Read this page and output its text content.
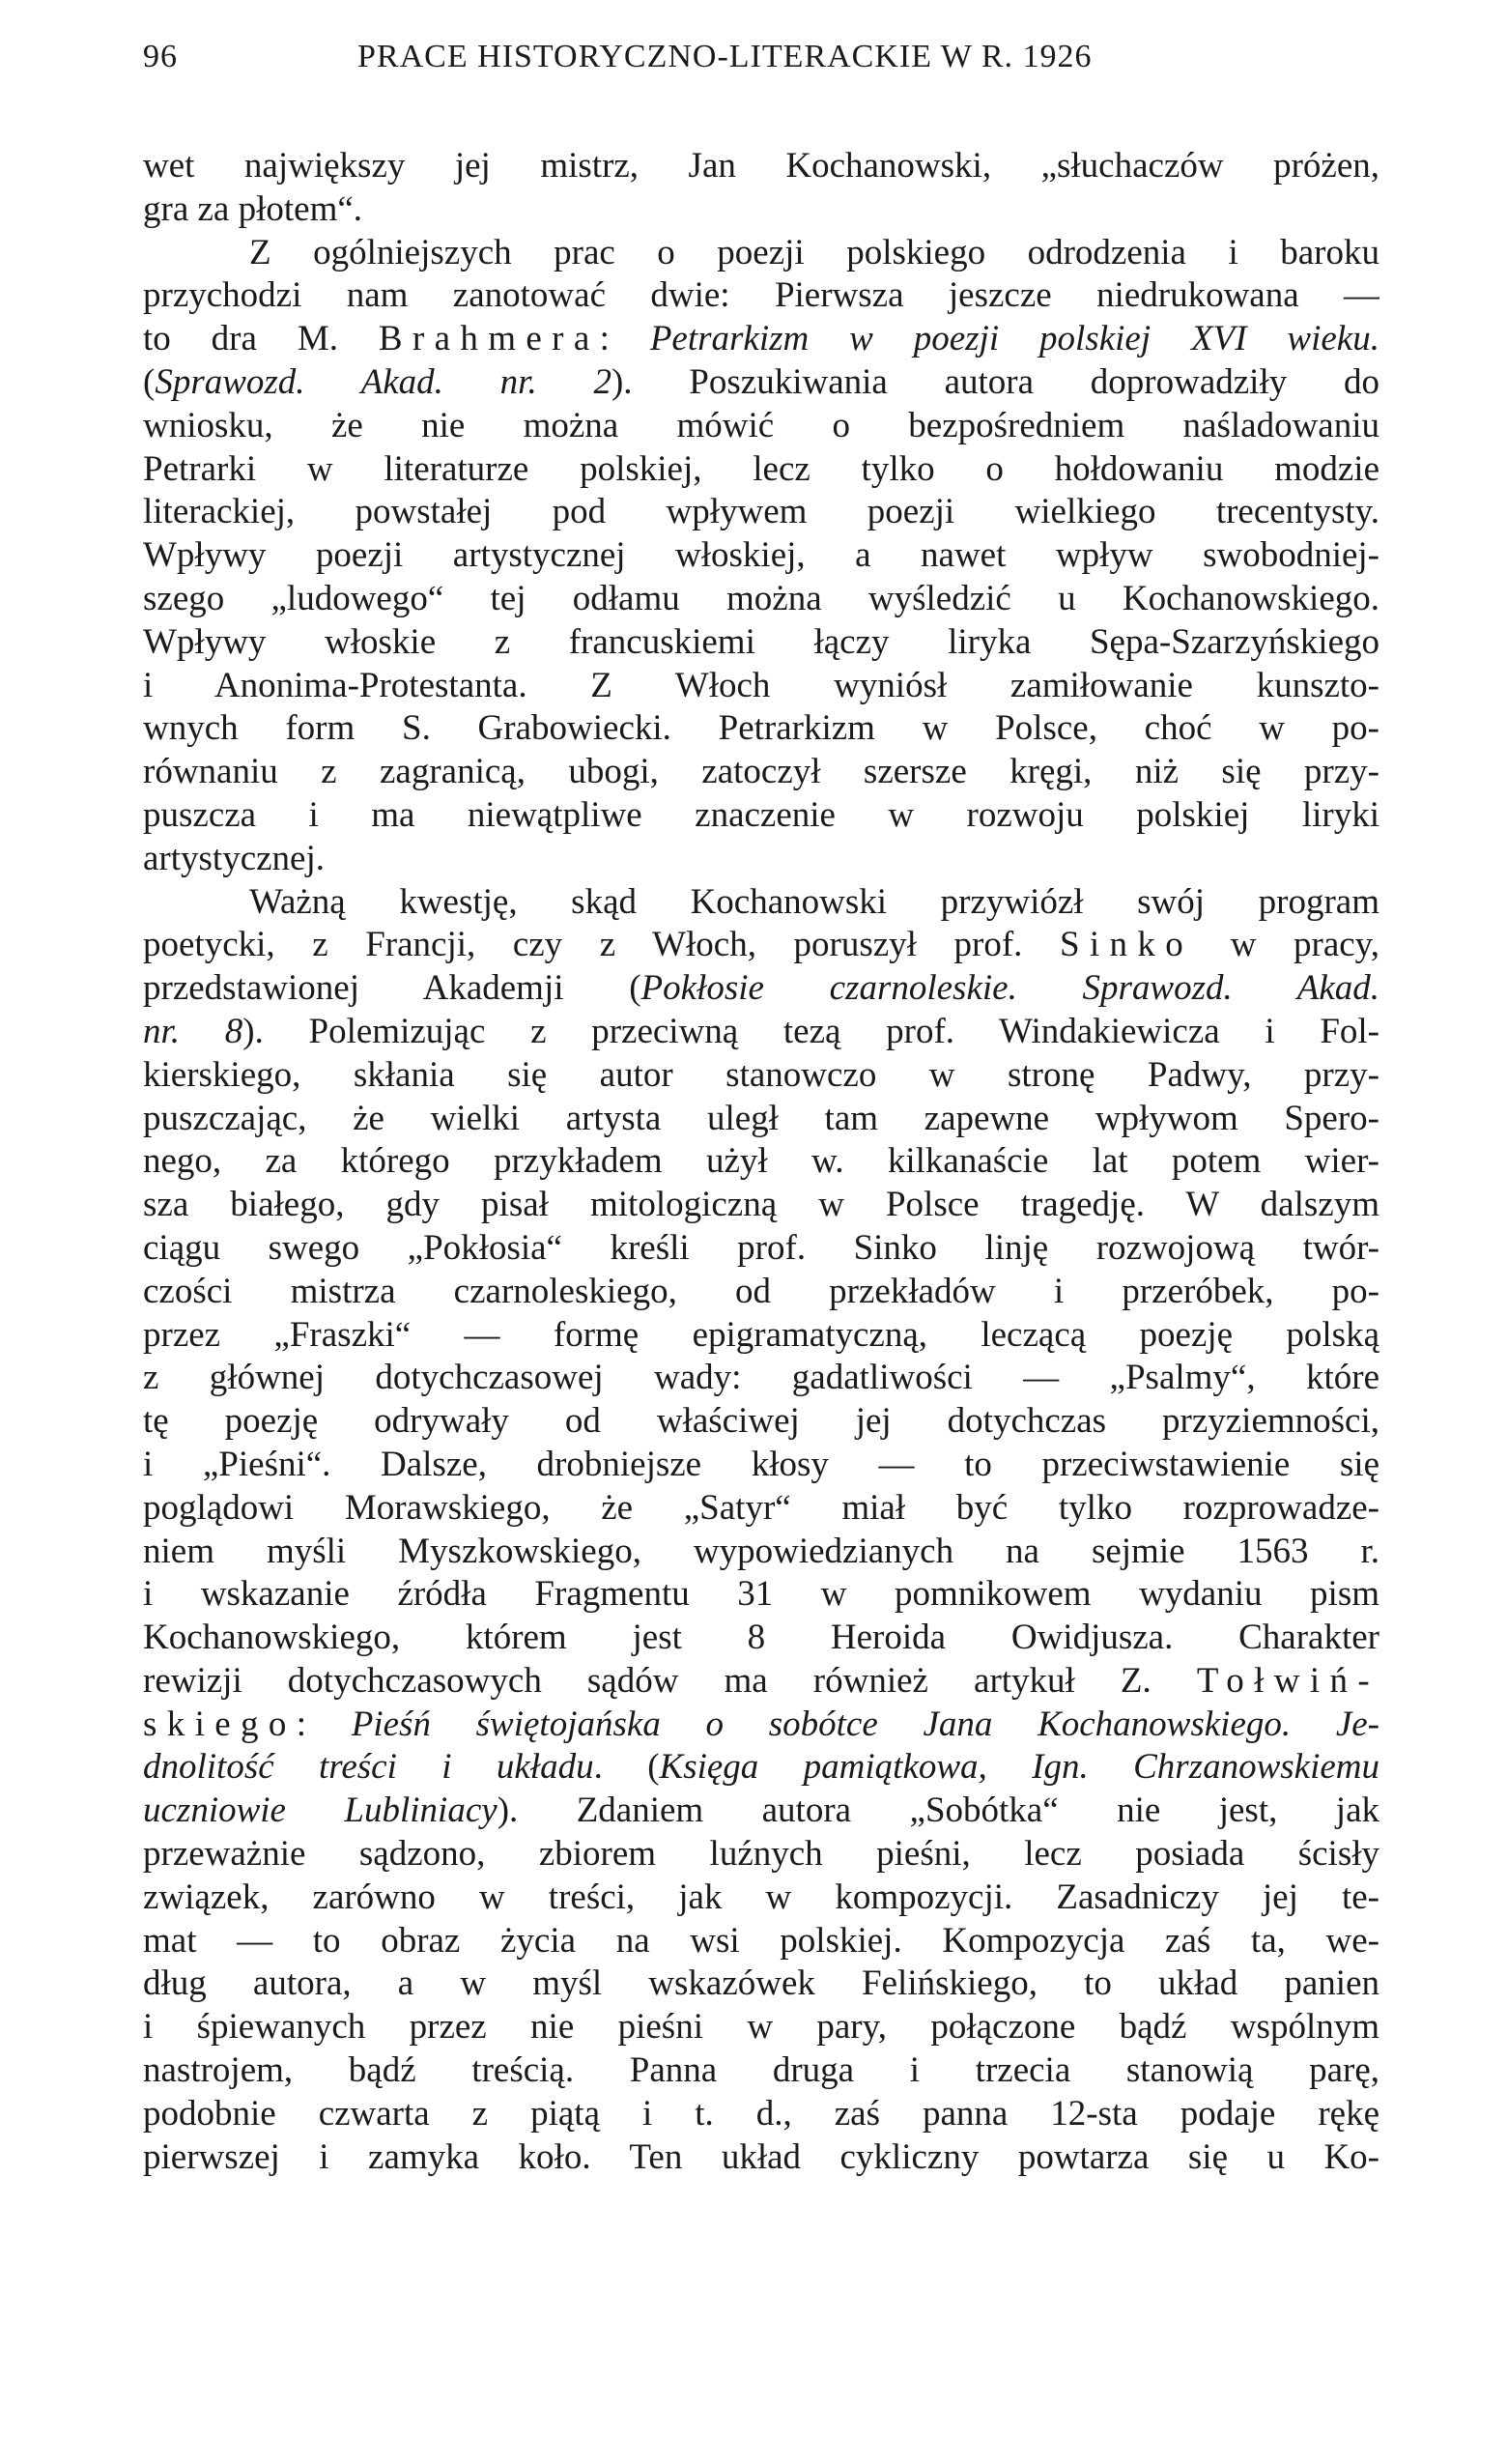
96	PRACE HISTORYCZNO-LITERACKIE W R. 1926
wet największy jej mistrz, Jan Kochanowski, „słuchaczów próżen,
gra za płotem“.
Z ogólniejszych prac o poezji polskiego odrodzenia i baroku
przychodzi nam zanotować dwie: Pierwsza jeszcze niedrukowana —
to dra M. Brahmera: Petrarkizm w poezji polskiej XVI wieku.
(Sprawozd. Akad. nr. 2). Poszukiwania autora doprowadziły do
wniosku, że nie można mówić o bezpośredniem naśladowaniu
Petrarki w literaturze polskiej, lecz tylko o hołdowaniu modzie
literackiej, powstałej pod wpływem poezji wielkiego trecentysty.
Wpływy poezji artystycznej włoskiej, a nawet wpływ swobodniej-
szego „ludowego“ tej odłamu można wyśledzić u Kochanowskiego.
Wpływy włoskie z francuskiemi łączy liryka Sępa-Szarzyńskiego
i Anonima-Protestanta. Z Włoch wyniósł zamiłowanie kunszto-
wnych form S. Grabowiecki. Petrarkizm w Polsce, choć w po-
równaniu z zagranicą, ubogi, zatoczył szersze kręgi, niż się przy-
puszcza i ma niewątpliwe znaczenie w rozwoju polskiej liryki
artystycznej.
Ważną kwestję, skąd Kochanowski przywiózł swój program
poetycki, z Francji, czy z Włoch, poruszył prof. Sinko w pracy,
przedstawionej Akademji (Pokłosie czarnoleskie. Sprawozd. Akad.
nr. 8). Polemizując z przeciwną tezą prof. Windakiewicza i Fol-
kierskiego, skłania się autor stanowczo w stronę Padwy, przy-
puszczając, że wielki artysta uległ tam zapewne wpływom Spero-
nego, za którego przykładem użył w. kilkanaście lat potem wier-
sza białego, gdy pisał mitologiczną w Polsce tragedję. W dalszym
ciągu swego „Pokłosia“ kreśli prof. Sinko linję rozwojową twór-
czości mistrza czarnoleskiego, od przekładów i przeróbek, po-
przez „Fraszki“ — formę epigramatyczną, leczącą poezję polską
z głównej dotychczasowej wady: gadatliwości — „Psalmy“, które
tę poezję odrywały od właściwej jej dotychczas przyziemności,
i „Pieśni“. Dalsze, drobniejsze kłosy — to przeciwstawienie się
poglądowi Morawskiego, że „Satyr“ miał być tylko rozprowadze-
niem myśli Myszkowskiego, wypowiedzianych na sejmie 1563 r.
i wskazanie źródła Fragmentu 31 w pomnikowem wydaniu pism
Kochanowskiego, którem jest 8 Heroida Owidjusza. Charakter
rewizji dotychczasowych sądów ma również artykuł Z. Tołwiń-
skiego: Pieśń świętojańska o sobótce Jana Kochanowskiego. Je-
dnolitość treści i układu. (Księga pamiątkowa, Ign. Chrzanowskiemu
uczniowie Lubliniacy). Zdaniem autora „Sobótka“ nie jest, jak
przeważnie sądzono, zbiorem luźnych pieśni, lecz posiada ścisły
związek, zarówno w treści, jak w kompozycji. Zasadniczy jej te-
mat — to obraz życia na wsi polskiej. Kompozycja zaś ta, we-
dług autora, a w myśl wskazówek Felińskiego, to układ panien
i śpiewanych przez nie pieśni w pary, połączone bądź wspólnym
nastrojem, bądź treścią. Panna druga i trzecia stanowią parę,
podobnie czwarta z piątą i t. d., zaś panna 12-sta podaje rękę
pierwszej i zamyka koło. Ten układ cykliczny powtarza się u Ko-
